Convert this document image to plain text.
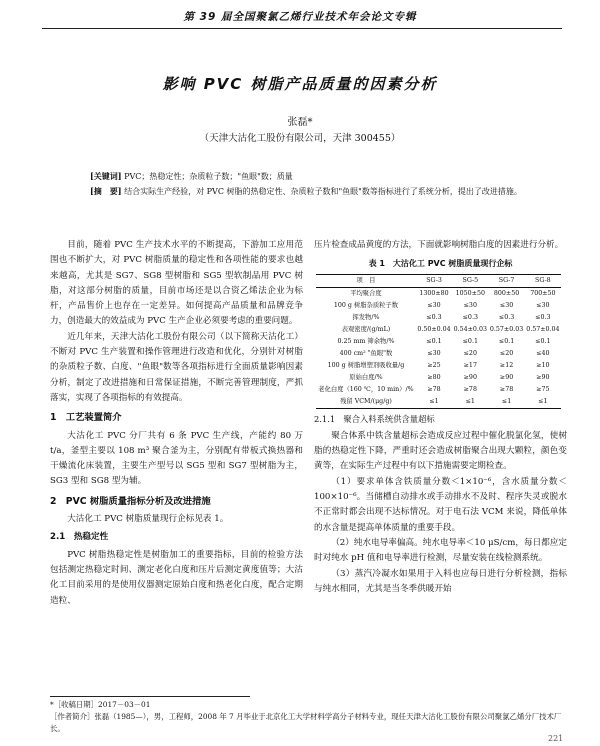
第 39 届全国聚氯乙烯行业技术年会论文专辑
影响 PVC 树脂产品质量的因素分析
张磊*
（天津大沽化工股份有限公司，天津 300455）
[关键词] PVC；热稳定性；杂质粒子数；"鱼眼"数；质量
[摘　要] 结合实际生产经验，对 PVC 树脂的热稳定性、杂质粒子数和"鱼眼"数等指标进行了系统分析，提出了改进措施。

目前，随着 PVC 生产技术水平的不断提高，下游加工应用范围也不断扩大，对 PVC 树脂质量的稳定性和各项性能的要求也越来越高，尤其是 SG7、SG8 型树脂和 SG5 型软制品用 PVC 树脂，对这部分树脂的质量，目前市场还是以合资乙烯法企业为标杆，产品售价上也存在一定差异。如何提高产品质量和品牌竞争力，创造最大的效益成为 PVC 生产企业必须要考虑的重要问题。

近几年来，天津大沽化工股份有限公司（以下简称天沽化工）不断对 PVC 生产装置和操作管理进行改造和优化，分别针对树脂的杂质粒子数、白度、"鱼眼"数等各项指标进行全面质量影响因素分析，制定了改进措施和日常保证措施，不断完善管理制度，严抓落实，实现了各项指标的有效提高。

1　工艺装置简介

大沽化工 PVC 分厂共有 6 条 PVC 生产线，产能约 80 万 t/a，釜型主要以 108 m³ 聚合釜为主，分别配有带板式换热器和干燥流化床装置，主要生产型号以 SG5 型和 SG7 型树脂为主，SG3 型和 SG8 型为辅。

2　PVC 树脂质量指标分析及改进措施

大沽化工 PVC 树脂质量现行企标见表 1。

2.1　热稳定性

PVC 树脂热稳定性是树脂加工的重要指标，目前的检验方法包括测定热稳定时间、测定老化白度和压片后测定黄度值等；大沽化工目前采用的是使用仪器测定原始白度和热老化白度，配合定期造粒、

压片检查成品黄度的方法，下面就影响树脂白度的因素进行分析。

表 1　大沽化工 PVC 树脂质量现行企标
项　目	SG-3	SG-5	SG-7	SG-8
平均聚合度	1300±80	1050±50	800±50	700±50
100 g 树脂杂质粒子数	≤30	≤30	≤30	≤30
挥发物/%	≤0.3	≤0.3	≤0.3	≤0.3
表观密度/(g/mL)	0.50±0.04	0.54±0.03	0.57±0.03	0.57±0.04
0.25 mm 筛余物/%	≤0.1	≤0.1	≤0.1	≤0.1
400 cm² "鱼眼"数	≤30	≤20	≤20	≤40
100 g 树脂增塑剂吸收量/g	≥25	≥17	≥12	≥10
原始白度/%	≥80	≥90	≥90	≥90
老化白度（160 ℃，10 min）/%	≥78	≥78	≥78	≥75
残留 VCM/(μg/g)	≤1	≤1	≤1	≤1
2.1.1　聚合入料系统供含量超标

聚合体系中铁含量超标会造成反应过程中催化脱氯化氢，使树脂的热稳定性下降，严重时还会造成树脂聚合出现大颗粒，颜色变黄等，在实际生产过程中有以下措施需要定期检查。

（1）要求单体含铁质量分数＜1×10⁻⁶，含水质量分数＜100×10⁻⁶。当储槽自动排水或手动排水不及时、程序失灵或脱水不正常时都会出现不达标情况。对于电石法 VCM 来说，降低单体的水含量是提高单体质量的重要手段。

（2）纯水电导率偏高。纯水电导率＜10 μS/cm，每日都应定时对纯水 pH 值和电导率进行检测，尽量安装在线检测系统。

（3）蒸汽冷凝水如果用于入料也应每日进行分析检测，指标与纯水相同，尤其是当冬季供暖开始

*［收稿日期］2017－03－01
［作者简介］张磊（1985—），男，工程师，2008 年 7 月毕业于北京化工大学材料学高分子材料专业，现任天津大沽化工股份有限公司聚氯乙烯分厂技术厂长。
221
